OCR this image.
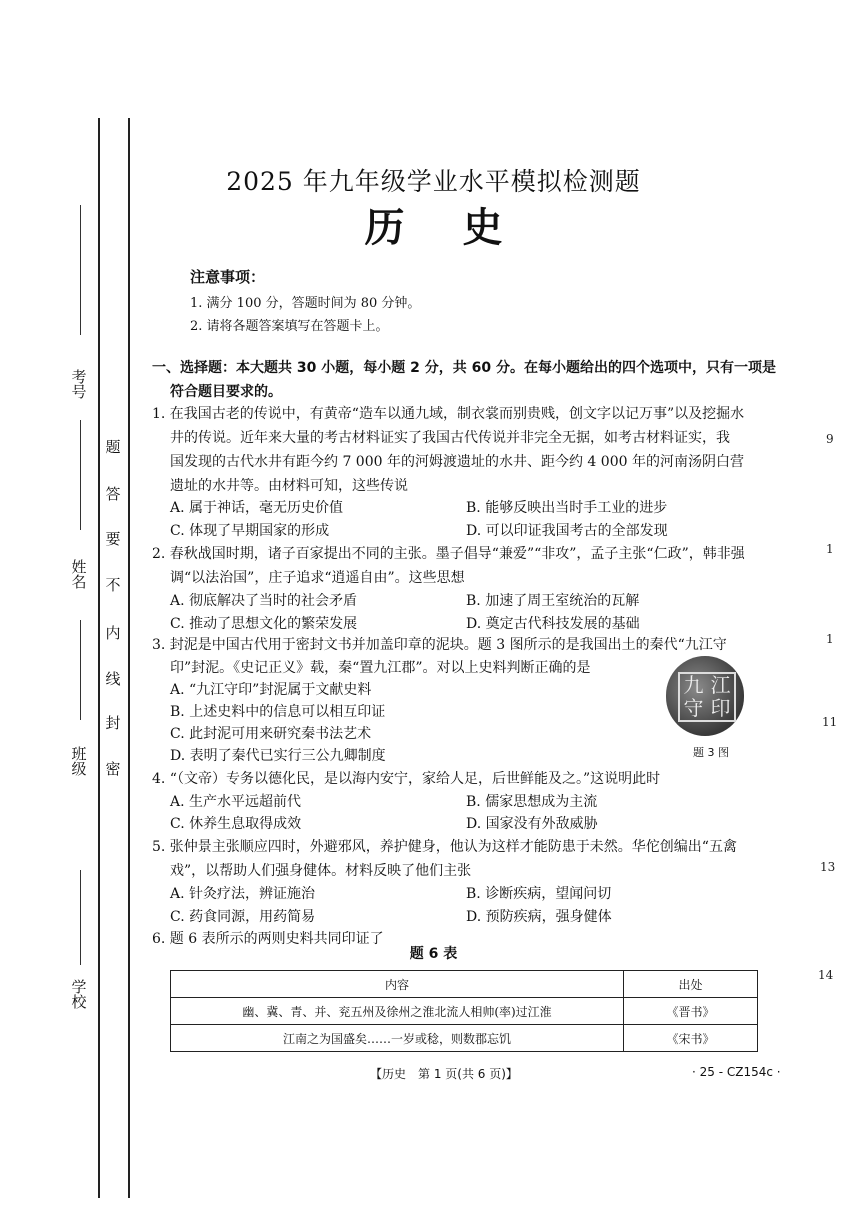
考号
姓名
班级
学校
密
封
线
内
不
要
答
题
2025 年九年级学业水平模拟检测题
历史
注意事项：
1. 满分 100 分，答题时间为 80 分钟。
2. 请将各题答案填写在答题卡上。
一、选择题：本大题共 30 小题，每小题 2 分，共 60 分。在每小题给出的四个选项中，只有一项是
符合题目要求的。
1. 在我国古老的传说中，有黄帝“造车以通九域，制衣裳而别贵贱，创文字以记万事”以及挖掘水
井的传说。近年来大量的考古材料证实了我国古代传说并非完全无据，如考古材料证实，我
国发现的古代水井有距今约 7 000 年的河姆渡遗址的水井、距今约 4 000 年的河南汤阴白营
遗址的水井等。由材料可知，这些传说
A. 属于神话，毫无历史价值	B. 能够反映出当时手工业的进步
C. 体现了早期国家的形成	D. 可以印证我国考古的全部发现
2. 春秋战国时期，诸子百家提出不同的主张。墨子倡导“兼爱”“非攻”，孟子主张“仁政”，韩非强
调“以法治国”，庄子追求“逍遥自由”。这些思想
A. 彻底解决了当时的社会矛盾	B. 加速了周王室统治的瓦解
C. 推动了思想文化的繁荣发展	D. 奠定古代科技发展的基础
3. 封泥是中国古代用于密封文书并加盖印章的泥块。题 3 图所示的是我国出土的秦代“九江守
印”封泥。《史记正义》载，秦“置九江郡”。对以上史料判断正确的是
A. “九江守印”封泥属于文献史料
B. 上述史料中的信息可以相互印证
C. 此封泥可用来研究秦书法艺术
D. 表明了秦代已实行三公九卿制度
九 江
守 印
题 3 图
4. “（文帝）专务以德化民，是以海内安宁，家给人足，后世鲜能及之。”这说明此时
A. 生产水平远超前代	B. 儒家思想成为主流
C. 休养生息取得成效	D. 国家没有外敌威胁
5. 张仲景主张顺应四时，外避邪风，养护健身，他认为这样才能防患于未然。华佗创编出“五禽
戏”，以帮助人们强身健体。材料反映了他们主张
A. 针灸疗法，辨证施治	B. 诊断疾病，望闻问切
C. 药食同源，用药简易	D. 预防疾病，强身健体
6. 题 6 表所示的两则史料共同印证了
题 6 表
内容	出处
幽、冀、青、并、兖五州及徐州之淮北流人相帅(率)过江淮	《晋书》
江南之为国盛矣……一岁或稔，则数郡忘饥	《宋书》
【历史　第 1 页(共 6 页)】	· 25 - CZ154c ·
9
1
1
11
13
14
